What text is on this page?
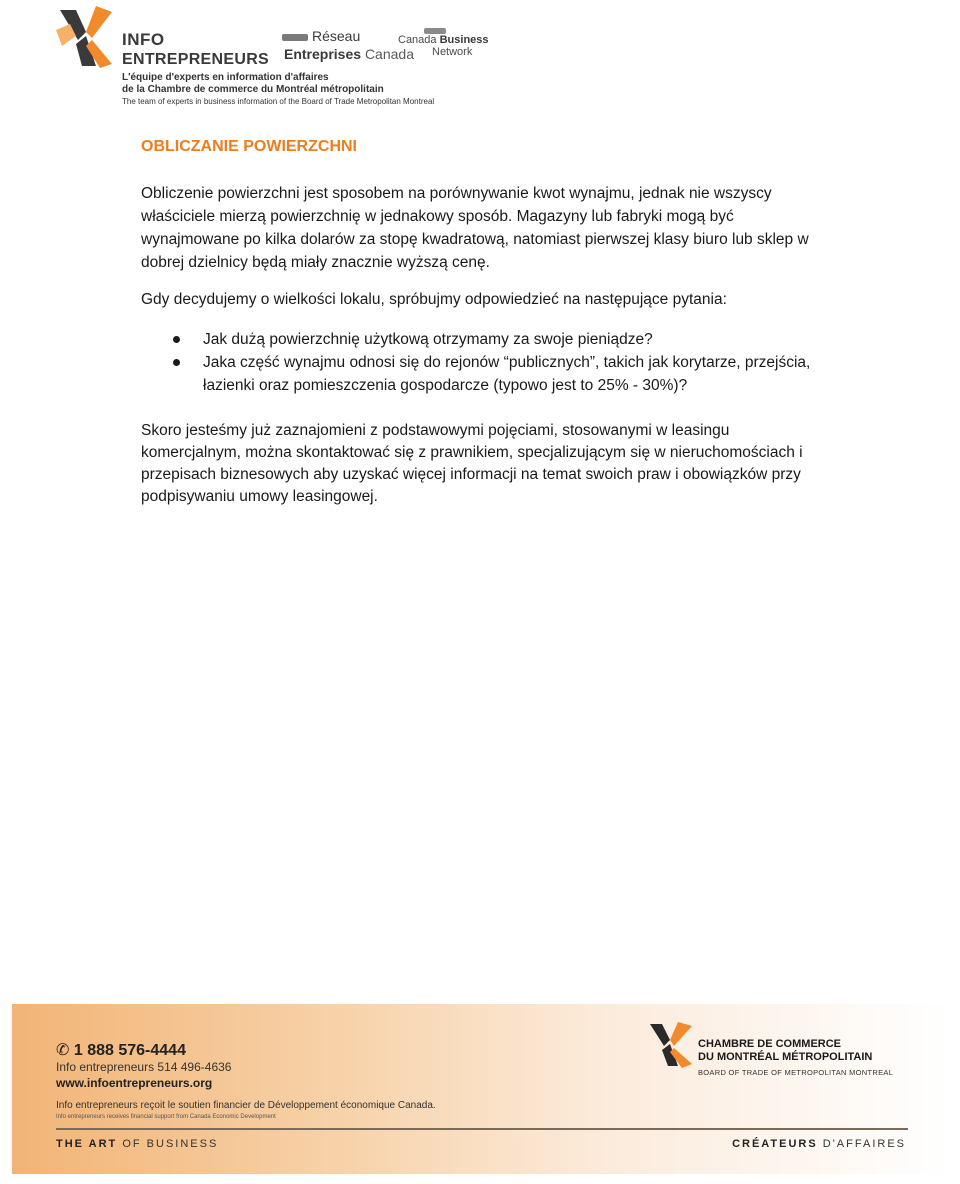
INFO
ENTREPRENEURS
Réseau
Entreprises Canada
Canada Business
Network
L'équipe d'experts en information d'affaires
de la Chambre de commerce du Montréal métropolitain
The team of experts in business information of the Board of Trade Metropolitan Montreal
OBLICZANIE POWIERZCHNI

Obliczenie powierzchni jest sposobem na porównywanie kwot wynajmu, jednak nie wszyscy właściciele mierzą powierzchnię w jednakowy sposób. Magazyny lub fabryki mogą być wynajmowane po kilka dolarów za stopę kwadratową, natomiast pierwszej klasy biuro lub sklep w dobrej dzielnicy będą miały znacznie wyższą cenę.

Gdy decydujemy o wielkości lokalu, spróbujmy odpowiedzieć na następujące pytania:

Jak dużą powierzchnię użytkową otrzymamy za swoje pieniądze?
Jaka część wynajmu odnosi się do rejonów “publicznych”, takich jak korytarze, przejścia, łazienki oraz pomieszczenia gospodarcze (typowo jest to 25% - 30%)?

Skoro jesteśmy już zaznajomieni z podstawowymi pojęciami, stosowanymi w leasingu komercjalnym, można skontaktować się z prawnikiem, specjalizującym się w nieruchomościach i przepisach biznesowych aby uzyskać więcej informacji na temat swoich praw i obowiązków przy podpisywaniu umowy leasingowej.

✆ 1 888 576-4444
Info entrepreneurs 514 496-4636
www.infoentrepreneurs.org
Info entrepreneurs reçoit le soutien financier de Développement économique Canada.
Info entrepreneurs receives financial support from Canada Economic Development
CHAMBRE DE COMMERCE
DU MONTRÉAL MÉTROPOLITAIN
BOARD OF TRADE OF METROPOLITAN MONTREAL
THE ART OF BUSINESS	CRÉATEURS D'AFFAIRES
